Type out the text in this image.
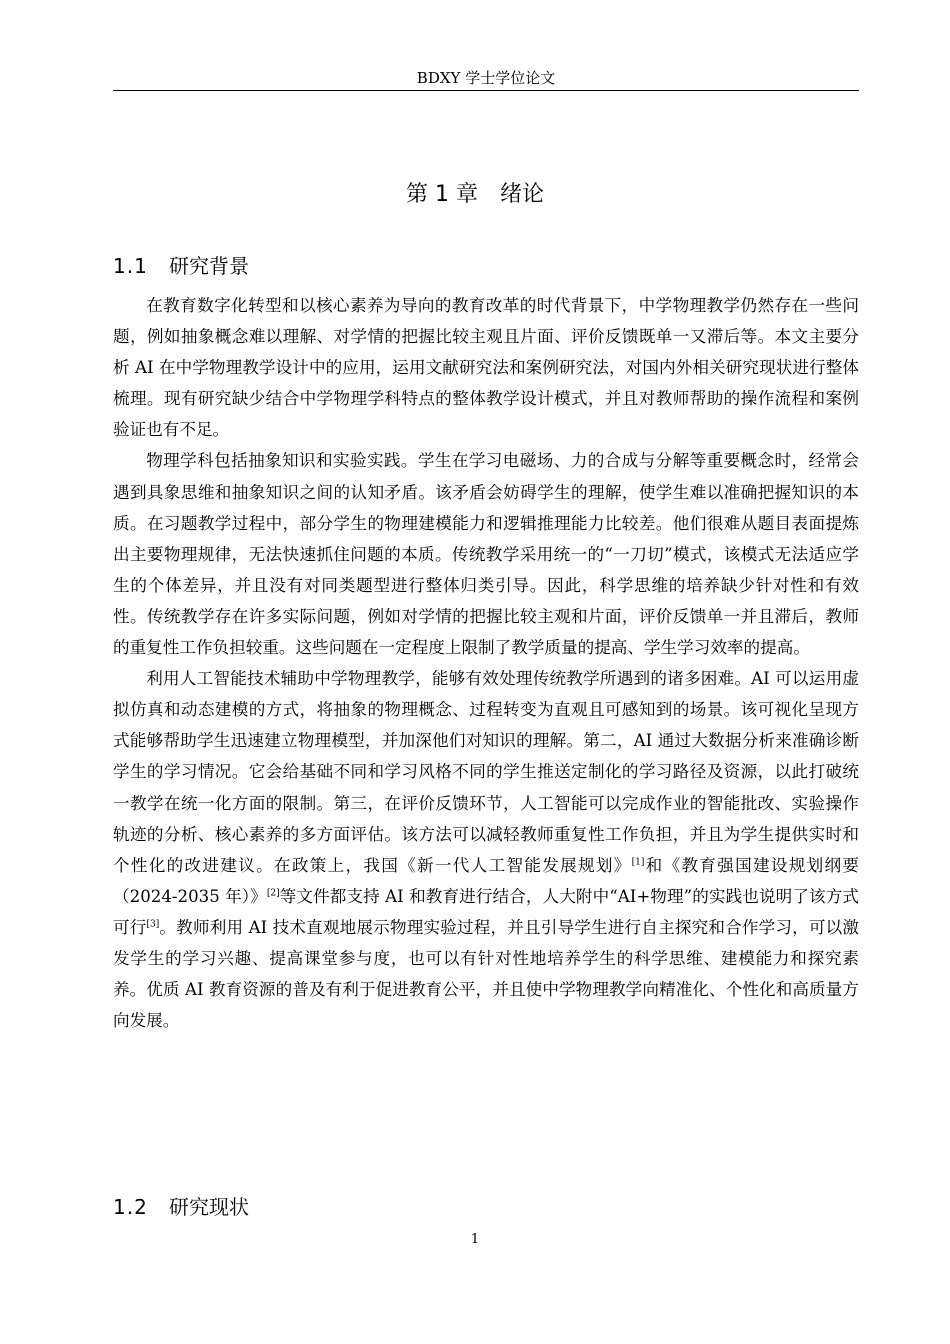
BDXY 学士学位论文
第 1 章　绪论
1.1 研究背景

在教育数字化转型和以核心素养为导向的教育改革的时代背景下，中学物理教学仍然存在一些问题，例如抽象概念难以理解、对学情的把握比较主观且片面、评价反馈既单一又滞后等。本文主要分析 AI 在中学物理教学设计中的应用，运用文献研究法和案例研究法，对国内外相关研究现状进行整体梳理。现有研究缺少结合中学物理学科特点的整体教学设计模式，并且对教师帮助的操作流程和案例验证也有不足。

物理学科包括抽象知识和实验实践。学生在学习电磁场、力的合成与分解等重要概念时，经常会遇到具象思维和抽象知识之间的认知矛盾。该矛盾会妨碍学生的理解，使学生难以准确把握知识的本质。在习题教学过程中，部分学生的物理建模能力和逻辑推理能力比较差。他们很难从题目表面提炼出主要物理规律，无法快速抓住问题的本质。传统教学采用统一的“一刀切”模式，该模式无法适应学生的个体差异，并且没有对同类题型进行整体归类引导。因此，科学思维的培养缺少针对性和有效性。传统教学存在许多实际问题，例如对学情的把握比较主观和片面，评价反馈单一并且滞后，教师的重复性工作负担较重。这些问题在一定程度上限制了教学质量的提高、学生学习效率的提高。

利用人工智能技术辅助中学物理教学，能够有效处理传统教学所遇到的诸多困难。AI 可以运用虚拟仿真和动态建模的方式，将抽象的物理概念、过程转变为直观且可感知到的场景。该可视化呈现方式能够帮助学生迅速建立物理模型，并加深他们对知识的理解。第二，AI 通过大数据分析来准确诊断学生的学习情况。它会给基础不同和学习风格不同的学生推送定制化的学习路径及资源，以此打破统一教学在统一化方面的限制。第三，在评价反馈环节，人工智能可以完成作业的智能批改、实验操作轨迹的分析、核心素养的多方面评估。该方法可以减轻教师重复性工作负担，并且为学生提供实时和个性化的改进建议。在政策上，我国《新一代人工智能发展规划》[1]和《教育强国建设规划纲要（2024-2035 年）》[2]等文件都支持 AI 和教育进行结合，人大附中“AI+物理”的实践也说明了该方式可行[3]。教师利用 AI 技术直观地展示物理实验过程，并且引导学生进行自主探究和合作学习，可以激发学生的学习兴趣、提高课堂参与度，也可以有针对性地培养学生的科学思维、建模能力和探究素养。优质 AI 教育资源的普及有利于促进教育公平，并且使中学物理教学向精准化、个性化和高质量方向发展。

1.2 研究现状
1
